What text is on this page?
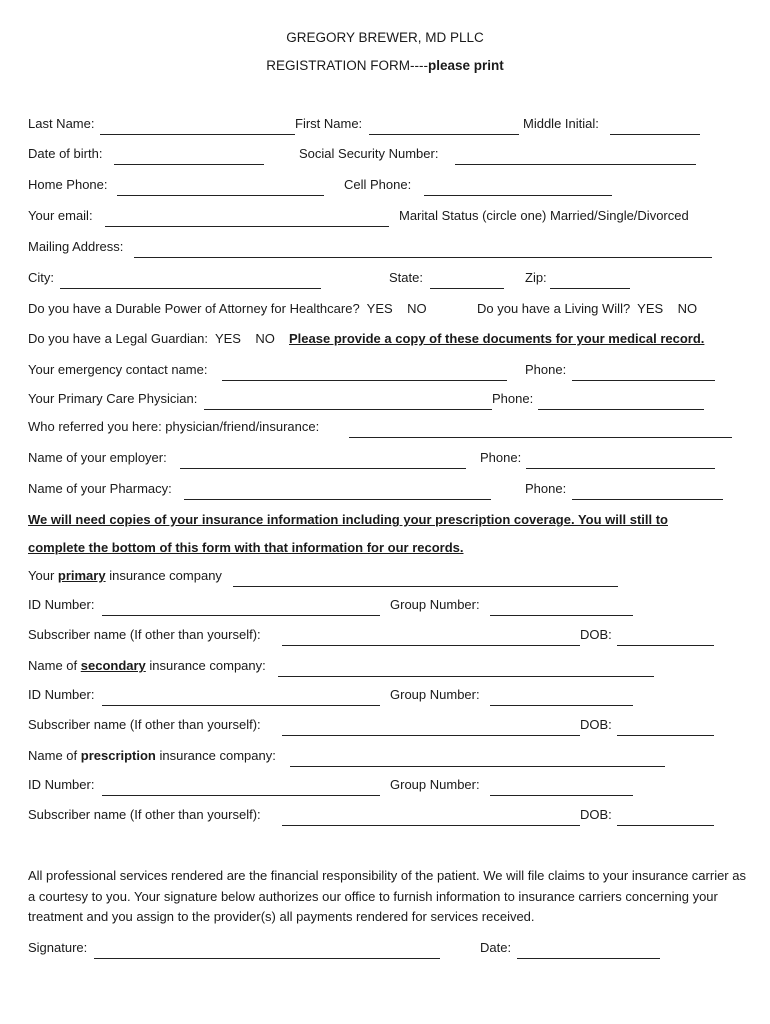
GREGORY BREWER, MD PLLC
REGISTRATION FORM----please print
Last Name:	First Name:	Middle Initial:
Date of birth:	Social Security Number:
Home Phone:	Cell Phone:
Your email:	Marital Status (circle one) Married/Single/Divorced
Mailing Address:
City:	State:	Zip:
Do you have a Durable Power of Attorney for Healthcare?  YES    NO	Do you have a Living Will?  YES    NO
Do you have a Legal Guardian:  YES    NO Please provide a copy of these documents for your medical record.
Your emergency contact name:	Phone:
Your Primary Care Physician:	Phone:
Who referred you here: physician/friend/insurance:
Name of your employer:	Phone:
Name of your Pharmacy:	Phone:
We will need copies of your insurance information including your prescription coverage. You will still to
complete the bottom of this form with that information for our records.
Your primary insurance company
ID Number:	Group Number:
Subscriber name (If other than yourself):	DOB:
Name of secondary insurance company:
ID Number:	Group Number:
Subscriber name (If other than yourself):	DOB:
Name of prescription insurance company:
ID Number:	Group Number:
Subscriber name (If other than yourself):	DOB:
All professional services rendered are the financial responsibility of the patient. We will file claims to your insurance carrier as a courtesy to you. Your signature below authorizes our office to furnish information to insurance carriers concerning your treatment and you assign to the provider(s) all payments rendered for services received.
Signature:	Date:
